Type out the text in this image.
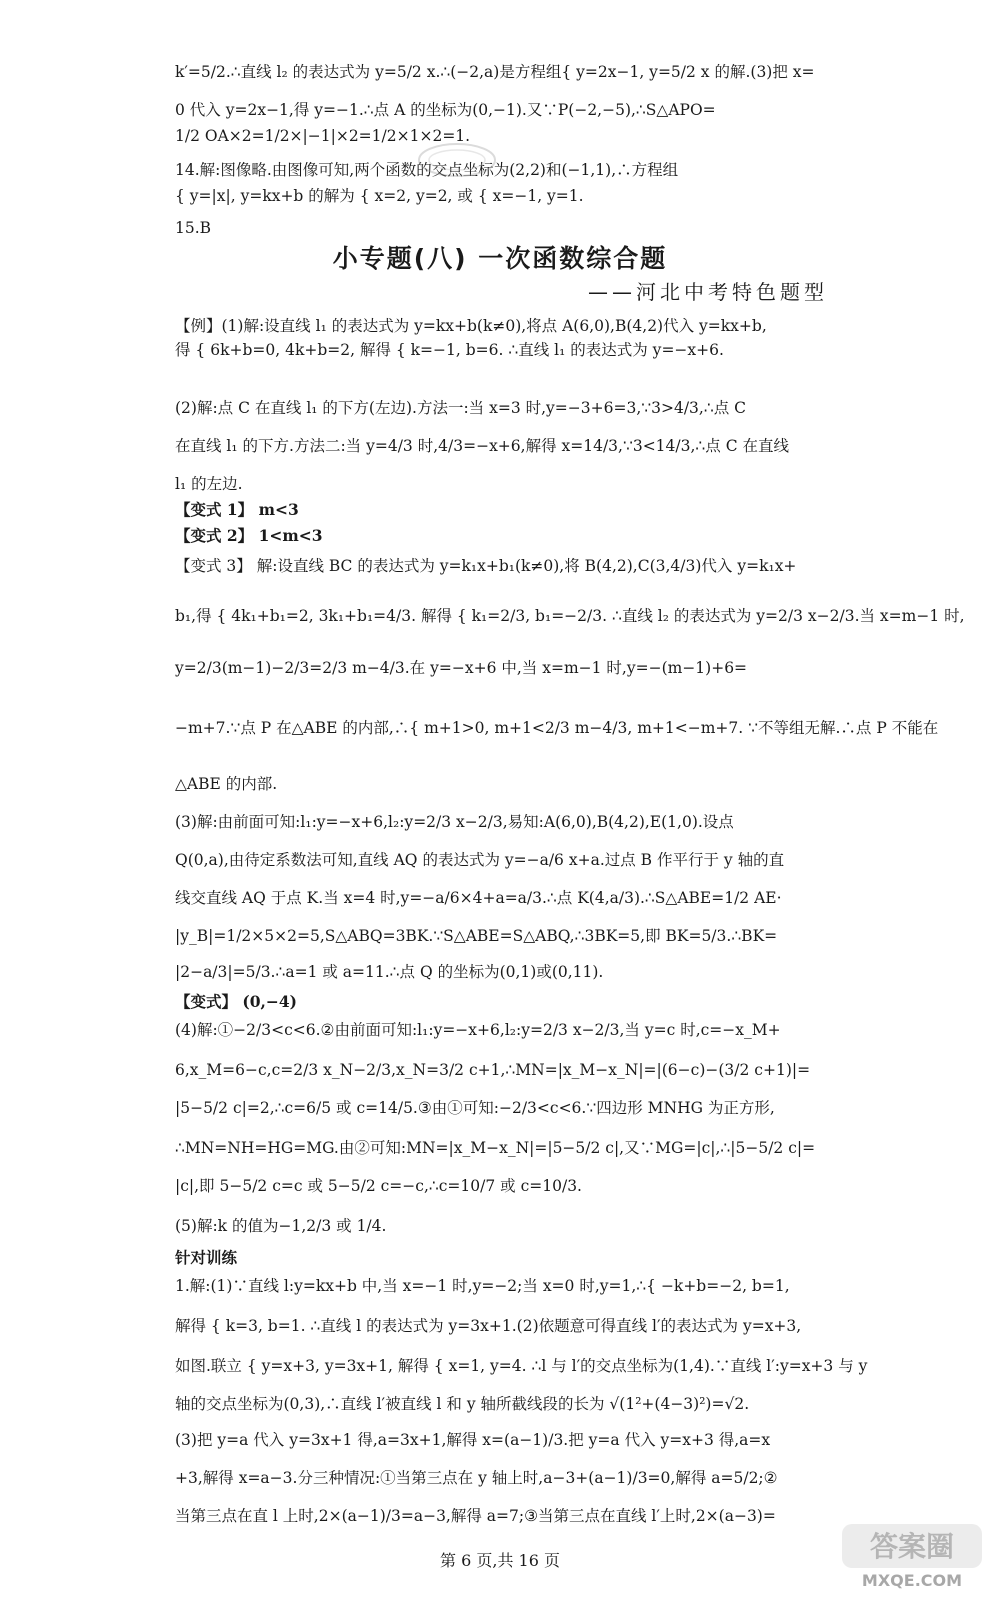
k′=5/2.∴直线 l₂ 的表达式为 y=5/2 x.∴(−2,a)是方程组{ y=2x−1, y=5/2 x 的解.(3)把 x=
0 代入 y=2x−1,得 y=−1.∴点 A 的坐标为(0,−1).又∵P(−2,−5),∴S△APO=
1/2 OA×2=1/2×|−1|×2=1/2×1×2=1.
14.解:图像略.由图像可知,两个函数的交点坐标为(2,2)和(−1,1),∴方程组
{ y=|x|, y=kx+b 的解为 { x=2, y=2, 或 { x=−1, y=1.
15.B
小专题(八) 一次函数综合题
——河北中考特色题型
【例】(1)解:设直线 l₁ 的表达式为 y=kx+b(k≠0),将点 A(6,0),B(4,2)代入 y=kx+b,
得 { 6k+b=0, 4k+b=2, 解得 { k=−1, b=6. ∴直线 l₁ 的表达式为 y=−x+6.
(2)解:点 C 在直线 l₁ 的下方(左边).方法一:当 x=3 时,y=−3+6=3,∵3>4/3,∴点 C
在直线 l₁ 的下方.方法二:当 y=4/3 时,4/3=−x+6,解得 x=14/3,∵3<14/3,∴点 C 在直线
l₁ 的左边.
【变式 1】 m<3
【变式 2】 1<m<3
【变式 3】 解:设直线 BC 的表达式为 y=k₁x+b₁(k≠0),将 B(4,2),C(3,4/3)代入 y=k₁x+
b₁,得 { 4k₁+b₁=2, 3k₁+b₁=4/3. 解得 { k₁=2/3, b₁=−2/3. ∴直线 l₂ 的表达式为 y=2/3 x−2/3.当 x=m−1 时,
y=2/3(m−1)−2/3=2/3 m−4/3.在 y=−x+6 中,当 x=m−1 时,y=−(m−1)+6=
−m+7.∵点 P 在△ABE 的内部,∴{ m+1>0, m+1<2/3 m−4/3, m+1<−m+7. ∵不等组无解.∴点 P 不能在
△ABE 的内部.
(3)解:由前面可知:l₁:y=−x+6,l₂:y=2/3 x−2/3,易知:A(6,0),B(4,2),E(1,0).设点
Q(0,a),由待定系数法可知,直线 AQ 的表达式为 y=−a/6 x+a.过点 B 作平行于 y 轴的直
线交直线 AQ 于点 K.当 x=4 时,y=−a/6×4+a=a/3.∴点 K(4,a/3).∴S△ABE=1/2 AE·
|y_B|=1/2×5×2=5,S△ABQ=3BK.∵S△ABE=S△ABQ,∴3BK=5,即 BK=5/3.∴BK=
|2−a/3|=5/3.∴a=1 或 a=11.∴点 Q 的坐标为(0,1)或(0,11).
【变式】 (0,−4)
(4)解:①−2/3<c<6.②由前面可知:l₁:y=−x+6,l₂:y=2/3 x−2/3,当 y=c 时,c=−x_M+
6,x_M=6−c,c=2/3 x_N−2/3,x_N=3/2 c+1,∴MN=|x_M−x_N|=|(6−c)−(3/2 c+1)|=
|5−5/2 c|=2,∴c=6/5 或 c=14/5.③由①可知:−2/3<c<6.∵四边形 MNHG 为正方形,
∴MN=NH=HG=MG.由②可知:MN=|x_M−x_N|=|5−5/2 c|,又∵MG=|c|,∴|5−5/2 c|=
|c|,即 5−5/2 c=c 或 5−5/2 c=−c,∴c=10/7 或 c=10/3.
(5)解:k 的值为−1,2/3 或 1/4.
针对训练
1.解:(1)∵直线 l:y=kx+b 中,当 x=−1 时,y=−2;当 x=0 时,y=1,∴{ −k+b=−2, b=1,
解得 { k=3, b=1. ∴直线 l 的表达式为 y=3x+1.(2)依题意可得直线 l′的表达式为 y=x+3,
如图.联立 { y=x+3, y=3x+1, 解得 { x=1, y=4. ∴l 与 l′的交点坐标为(1,4).∵直线 l′:y=x+3 与 y
轴的交点坐标为(0,3),∴直线 l′被直线 l 和 y 轴所截线段的长为 √(1²+(4−3)²)=√2.
(3)把 y=a 代入 y=3x+1 得,a=3x+1,解得 x=(a−1)/3.把 y=a 代入 y=x+3 得,a=x
+3,解得 x=a−3.分三种情况:①当第三点在 y 轴上时,a−3+(a−1)/3=0,解得 a=5/2;②
当第三点在直 l 上时,2×(a−1)/3=a−3,解得 a=7;③当第三点在直线 l′上时,2×(a−3)=
第 6 页,共 16 页	答案圈
MXQE.COM
